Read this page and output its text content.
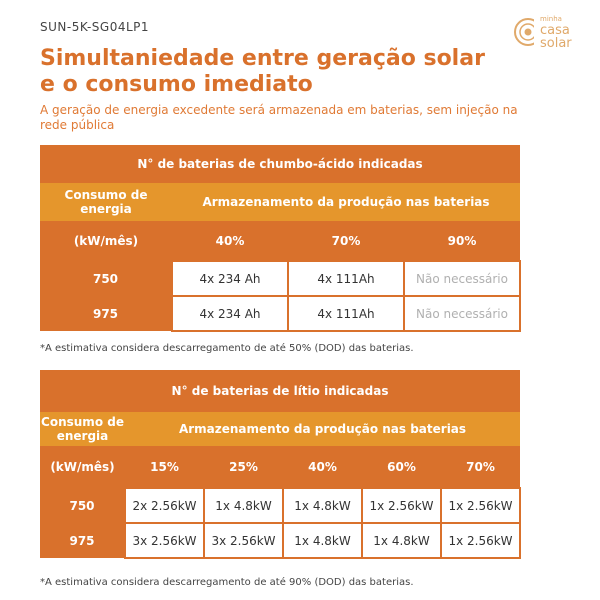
SUN-5K-SG04LP1
minha
casa
solar
Simultaniedade entre geração solar
e o consumo imediato
A geração de energia excedente será armazenada em baterias, sem injeção na rede pública
N° de baterias de chumbo-ácido indicadas			
Consumo de energia	Armazenamento da produção nas baterias		
(kW/mês)	40%	70%	90%
750	4x 234 Ah	4x 111Ah	Não necessário
975	4x 234 Ah	4x 111Ah	Não necessário
*A estimativa considera descarregamento de até 50% (DOD) das baterias.
N° de baterias de lítio indicadas					
Consumo de energia	Armazenamento da produção nas baterias				
(kW/mês)	15%	25%	40%	60%	70%
750	2x 2.56kW	1x 4.8kW	1x 4.8kW	1x 2.56kW	1x 2.56kW
975	3x 2.56kW	3x 2.56kW	1x 4.8kW	1x 4.8kW	1x 2.56kW
*A estimativa considera descarregamento de até 90% (DOD) das baterias.
